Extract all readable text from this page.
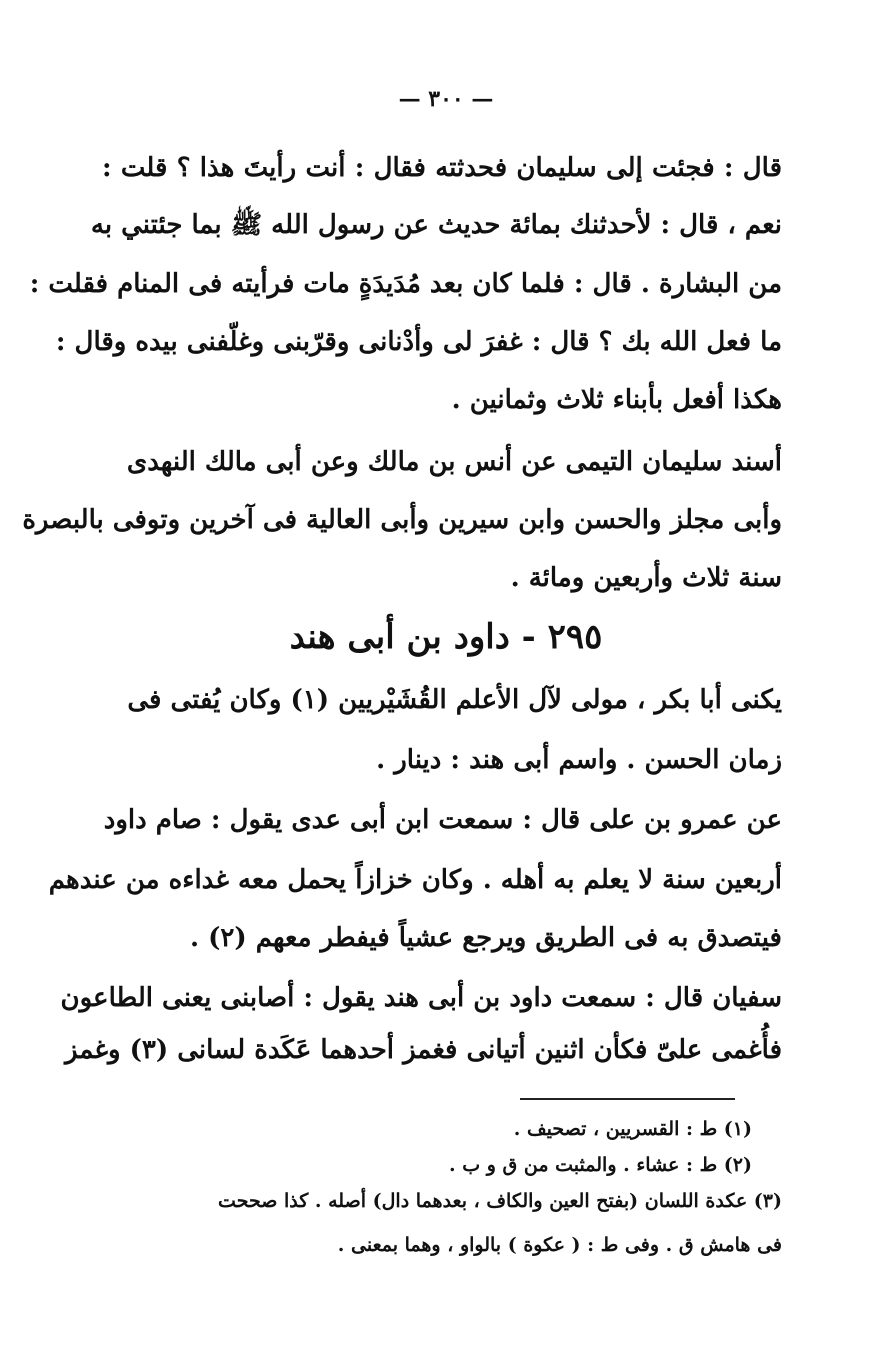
— ٣٠٠ —
قال : فجئت إلى سليمان فحدثته فقال : أنت رأيتَ هذا ؟ قلت :
نعم ، قال : لأحدثنك بمائة حديث عن رسول الله ﷺ بما جئتني به
من البشارة . قال : فلما كان بعد مُدَيدَةٍ مات فرأيته فى المنام فقلت :
ما فعل الله بك ؟ قال : غفرَ لى وأدْنانى وقرّبنى وغلّفنى بيده وقال :
هكذا أفعل بأبناء ثلاث وثمانين .
أسند سليمان التيمى عن أنس بن مالك وعن أبى مالك النهدى
وأبى مجلز والحسن وابن سيرين وأبى العالية فى آخرين وتوفى بالبصرة
سنة ثلاث وأربعين ومائة .
٢٩٥ - داود بن أبى هند
يكنى أبا بكر ، مولى لآل الأعلم القُشَيْريين (١) وكان يُفتى فى
زمان الحسن . واسم أبى هند : دينار .
عن عمرو بن على قال : سمعت ابن أبى عدى يقول : صام داود
أربعين سنة لا يعلم به أهله . وكان خزازاً يحمل معه غداءه من عندهم
فيتصدق به فى الطريق ويرجع عشياً فيفطر معهم (٢) .
سفيان قال : سمعت داود بن أبى هند يقول : أصابنى يعنى الطاعون
فأُغمى علىّ فكأن اثنين أتيانى فغمز أحدهما عَكَدة لسانى (٣) وغمز
(١) ط : القسريين ، تصحيف .
(٢) ط : عشاء . والمثبت من ق و ب .
(٣) عكدة اللسان (بفتح العين والكاف ، بعدهما دال) أصله . كذا صححت
فى هامش ق . وفى ط : ( عكوة ) بالواو ، وهما بمعنى .
